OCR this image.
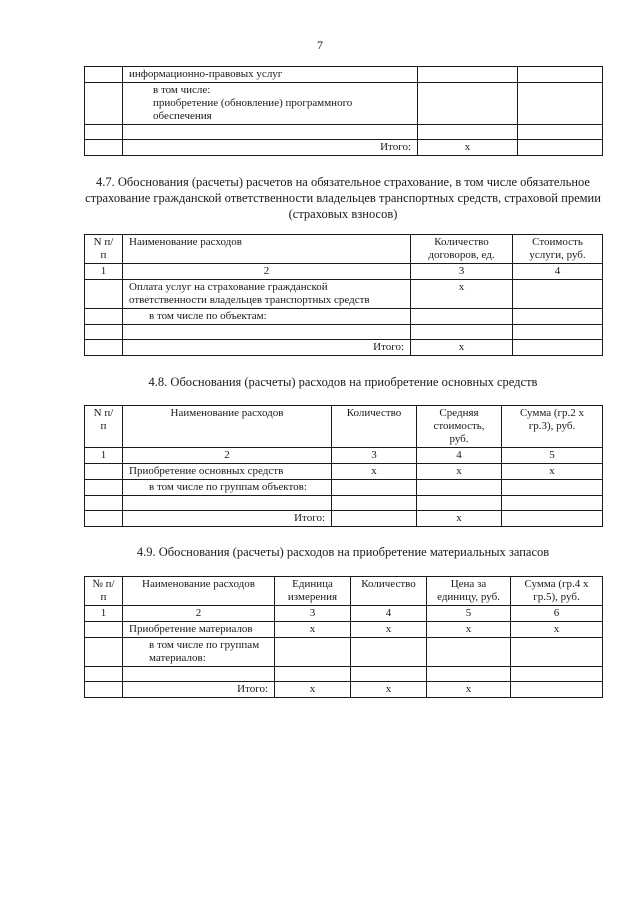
7
	информационно-правовых услуг		

	в том числе:
приобретение (обновление) программного
обеспечения		

	Итого:	х	
4.7. Обоснования (расчеты) расчетов на обязательное страхование, в том числе обязательное страхование гражданской ответственности владельцев транспортных средств, страховой премии (страховых взносов)
N п/п	Наименование расходов	Количество договоров, ед.	Стоимость услуги, руб.
1	2	3	4
	Оплата услуг на страхование гражданской ответственности владельцев транспортных средств	х	
	в том числе по объектам:		

	Итого:	х	
4.8. Обоснования (расчеты) расходов на приобретение основных средств
N п/п	Наименование расходов	Количество	Средняя стоимость, руб.	Сумма (гр.2 х гр.3), руб.
1	2	3	4	5
	Приобретение основных средств	х	х	х
	в том числе по группам объектов:			

	Итого:		х	
4.9. Обоснования (расчеты) расходов на приобретение материальных запасов
№ п/п	Наименование расходов	Единица измерения	Количество	Цена за единицу, руб.	Сумма (гр.4 х гр.5), руб.
1	2	3	4	5	6
	Приобретение материалов	х	х	х	х
	в том числе по группам материалов:				

	Итого:	х	х	х	
